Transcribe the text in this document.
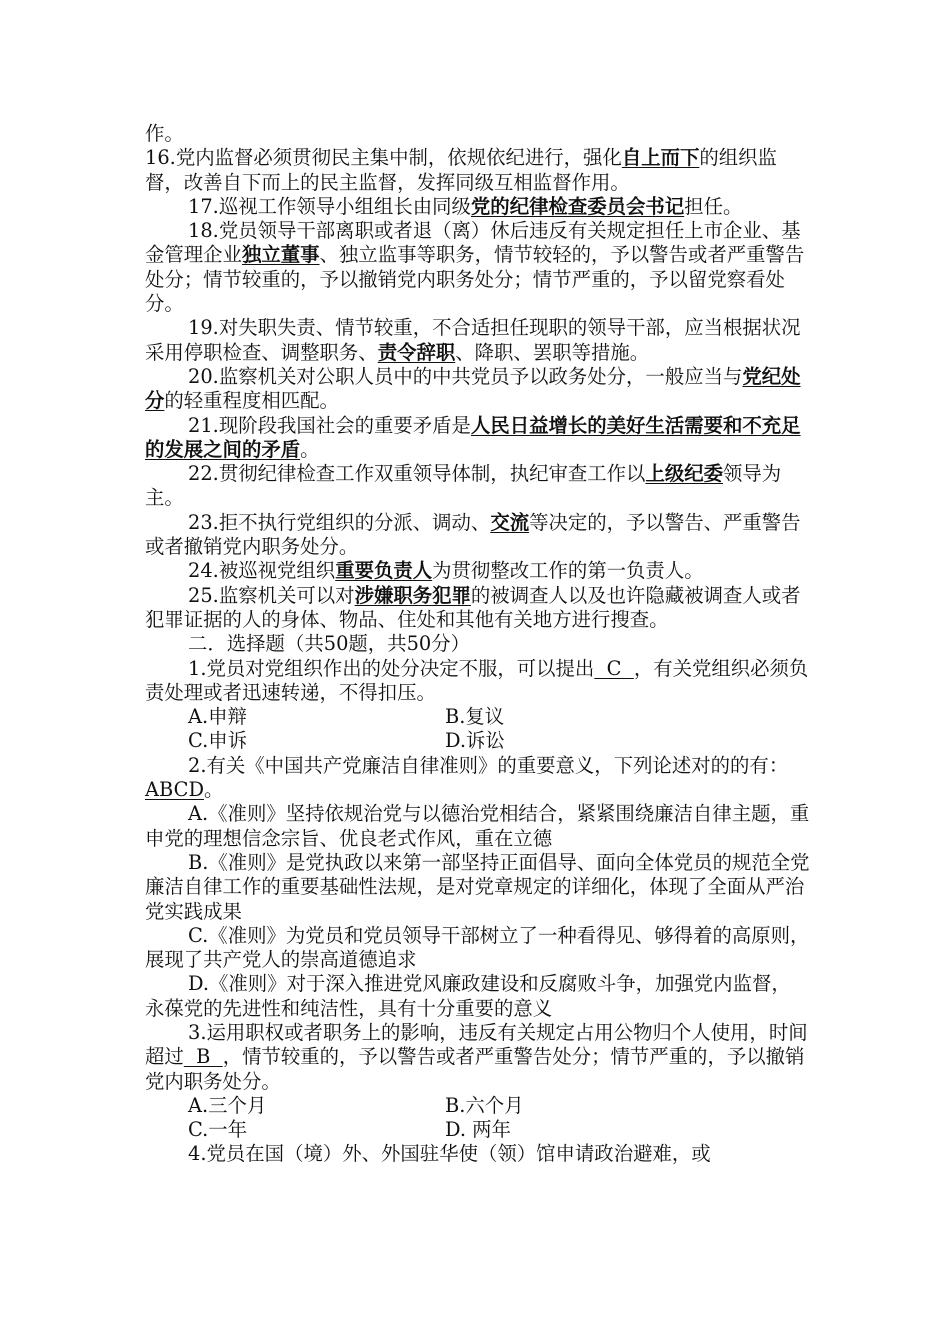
作。

16.党内监督必须贯彻民主集中制，依规依纪进行，强化自上而下的组织监督，改善自下而上的民主监督，发挥同级互相监督作用。

17.巡视工作领导小组组长由同级党的纪律检查委员会书记担任。

18.党员领导干部离职或者退（离）休后违反有关规定担任上市企业、基金管理企业独立董事、独立监事等职务，情节较轻的，予以警告或者严重警告处分；情节较重的，予以撤销党内职务处分；情节严重的，予以留党察看处分。

19.对失职失责、情节较重，不合适担任现职的领导干部，应当根据状况采用停职检查、调整职务、责令辞职、降职、罢职等措施。

20.监察机关对公职人员中的中共党员予以政务处分，一般应当与党纪处分的轻重程度相匹配。

21.现阶段我国社会的重要矛盾是人民日益增长的美好生活需要和不充足的发展之间的矛盾。

22.贯彻纪律检查工作双重领导体制，执纪审查工作以上级纪委领导为主。

23.拒不执行党组织的分派、调动、交流等决定的，予以警告、严重警告或者撤销党内职务处分。

24.被巡视党组织重要负责人为贯彻整改工作的第一负责人。

25.监察机关可以对涉嫌职务犯罪的被调查人以及也许隐藏被调查人或者犯罪证据的人的身体、物品、住处和其他有关地方进行搜查。

二．选择题（共50题，共50分）

1.党员对党组织作出的处分决定不服，可以提出  C  ，有关党组织必须负责处理或者迅速转递，不得扣压。

A.申辩	B.复议
C.申诉	D.诉讼

2.有关《中国共产党廉洁自律准则》的重要意义，下列论述对的的有：ABCD。

A.《准则》坚持依规治党与以德治党相结合，紧紧围绕廉洁自律主题，重申党的理想信念宗旨、优良老式作风，重在立德

B.《准则》是党执政以来第一部坚持正面倡导、面向全体党员的规范全党廉洁自律工作的重要基础性法规，是对党章规定的详细化，体现了全面从严治党实践成果

C.《准则》为党员和党员领导干部树立了一种看得见、够得着的高原则，展现了共产党人的崇高道德追求

D.《准则》对于深入推进党风廉政建设和反腐败斗争，加强党内监督，永葆党的先进性和纯洁性，具有十分重要的意义

3.运用职权或者职务上的影响，违反有关规定占用公物归个人使用，时间超过  B  ，情节较重的，予以警告或者严重警告处分；情节严重的，予以撤销党内职务处分。

A.三个月	B.六个月
C.一年	D. 两年

4.党员在国（境）外、外国驻华使（领）馆申请政治避难，或
